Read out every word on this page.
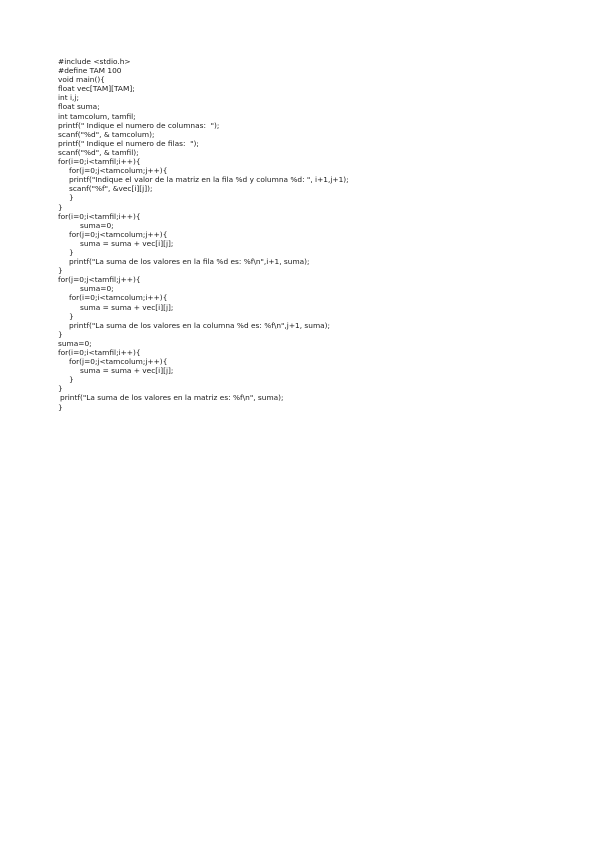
#include <stdio.h>
#define TAM 100
void main(){
float vec[TAM][TAM];
int i,j;
float suma;
int tamcolum, tamfil;
printf(" Indique el numero de columnas:  ");
scanf("%d", & tamcolum);
printf(" Indique el numero de filas:  ");
scanf("%d", & tamfil);
for(i=0;i<tamfil;i++){
for(j=0;j<tamcolum;j++){
printf("Indique el valor de la matriz en la fila %d y columna %d: ", i+1,j+1);
scanf("%f", &vec[i][j]);
}
}
for(i=0;i<tamfil;i++){
suma=0;
for(j=0;j<tamcolum;j++){
suma = suma + vec[i][j];
}
printf("La suma de los valores en la fila %d es: %f\n",i+1, suma);
}
for(j=0;j<tamfil;j++){
suma=0;
for(i=0;i<tamcolum;i++){
suma = suma + vec[i][j];
}
printf("La suma de los valores en la columna %d es: %f\n",j+1, suma);
}
suma=0;
for(i=0;i<tamfil;i++){
for(j=0;j<tamcolum;j++){
suma = suma + vec[i][j];
}
}
printf("La suma de los valores en la matriz es: %f\n", suma);
}
